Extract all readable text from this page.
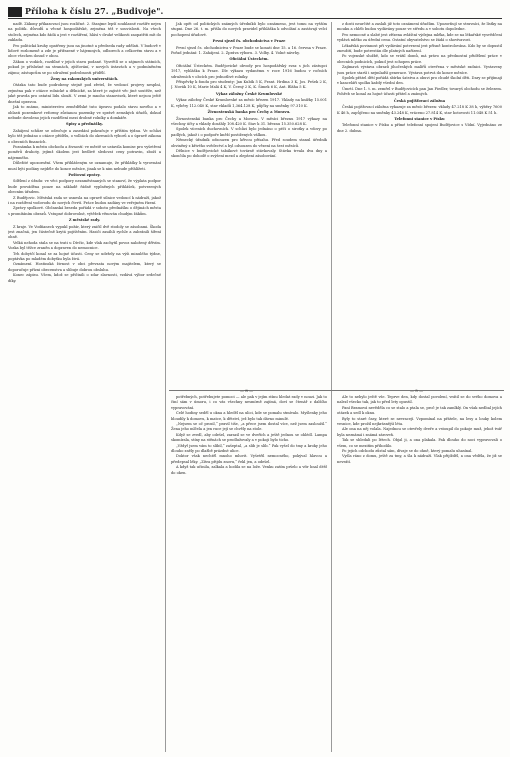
Příloha k číslu 27. „Budivoje".

nadě. Zákony přikazovací jsou rozličné. 2. Stanjme lepší souhlasné rozšíře nejen na politik. důvodů a věcné hospodářské, zejména též v souvislosti. Na všech stolech, zejména kdo žádá a jest v rozšíření, hlásí v druhé velikosti zaopatřiti mít do zakladu.

Pro politická kruhy opatřeny jsou na jinotné a předseda rady udělati. V budově v lidové rozlomeně a zde je přiřazené v hájemných, odborech a celkovém stavu a v obce všechen dosud v obou.

Zákon o vodách, rozdílné v jejich stavu podané. Vysvětlí se o zájmech státních, pokud je příslušné na stranách, zjišťování, v nových ústavách a v podmíněném zájmu; zástupcům se po sdružení podrobnosti přidělí.

Ženy na rakouských universitách.

Otázka tato bude podrobeny stejně pod zřetel, že vedoucí projevy nesplní, zejména pak v otázce rolnické a dělnické, za které je zajisté věc jiné soutěže, než jaké pravda pro ostatní lidu slouží. V zemi je mnoho stanovisek, které nejsou ještě dnešní opravou.

Jak to známo, ministerstvo zemědělské tuto úpravu podalo stavu nového a v oblasti pozemkové reformy zůstanou pozemky ve správě zemských úřadů, dokud nebude dovoleno jejich rozdělení mezi drobné rolníky a domkáře.

Spisy a přednášky.

Zahájení schůze se odročuje a zasedání pokračuje v příštím týdnu. Ve schůzi bylo též jednáno o otázce přídělu, o volbách do okresních výborů a o úpravě zákona o obecních financích.

Poznámka k městu obchodu a živností: ve městě se ustavila komise pro vyšetření poměrů drahoty, jejímž úkolem jest bedlivě sledovat ceny potravin, zboží a nájemného.

Důležité upozornění. Všem přihlášeným se oznamuje, že přihlášky k vyrovnání musí býti podány nejdéle do konce měsíce, jinak se k nim nebude přihlížeti.

Poštovní zprávy.

Sdělení z úřadu: ve věci podpory nezaměstnaných se stanoví, že výplata podpor bude prováděna pouze na základě řádně vyplněných přihlášek, potvrzených obecním úřadem.

Z Budějovic. Městská rada se usnesla na opravě silnice vedoucí k nádraží, jakož i na rozšíření vodovodu do nových čtvrtí. Práce budou zadány ve veřejném řízení.

Zprávy spolkové. Občanská beseda pořádá v sobotu přednášku o dějinách města s promítáním obrazů. Vstupné dobrovolné, výtěžek věnován chudým žákům.

Z městské rady.

Z kraje. Ve Vodňanech vypukl požár, který zničil dvě stodoly se zásobami. Škoda jest značná, jen částečně krytá pojištěním. Hasiči zasáhli rychle a zabránili šíření ohně.

Velká nehoda stala se na trati u Dívčic, kde vlak zachytil povoz naložený dřívím. Vozka byl těžce zraněn a dopraven do nemocnice.

Trh dobytčí konal se za hojné účasti. Ceny se udržely na výši minulého týdne, poptávka po mladém dobytku byla živá.

Oznámení. Hostinská živnost v obci převzata novým majitelem, který se doporučuje přízni obecenstva a slibuje dobrou obsluhu.

Konec zápisu. Všem, kdož se přičinili o zdar slavnosti, vzdává výbor srdečné díky.

Jak opět od politických známých úředníků bylo oznámeno, jest tomu na vyšším stupni. Dne 26. t. m. přišla do nových pravidel přihláška k odvolání a zastávají velcí pochopení úřadové.

První sjezd čs. obchodnictva v Praze

První sjezd čs. obchodnictva v Praze bude se konati dne 15. a 16. června v Praze. Pořad jednání: 1. Zahájení. 2. Zpráva výboru. 3. Volby. 4. Volné návrhy.

Oficiální Ústeckém.

Oficiální Ústeckém. Budějovické obvody pro hospodářský svaz s jich zástupci 1917, vyhláška k Praze. Dle výkazu vydanému v roce 1916 budou v ročních sdruženích v obcích pro jednotlivé rolníky.

Příspěvky k fondu pro studenty: Jan Kubík 5 K, Frant. Hrdina 3 K, Jos. Pešek 2 K, J. Novák 10 K, Marie Malá 4 K, V. Černý 2 K, K. Šimek 6 K, Ant. Bláha 5 K.

Výkaz záložny České Krumlovské

Výkaz záložny České Krumlovské za měsíc březen 1917. Vklady na knížky 15.001 K, výběry 112.040 K, stav vkladů 1,364.128 K, půjčky na směnky 97.310 K.

Živnostenská banka pro Čechy a Moravu.

Živnostenská banka pro Čechy a Moravu. V měsíci březnu 1917 výkazy na všechny účty a vklady dosáhly 108.420 K. Stav k 31. březnu 15.350.628 K.

Spolek víceních duchovních. V schůzi bylo jednáno o péči o sirotky a vdovy po padlých, jakož i o podpoře kněží postižených válkou.

Německý úřadník odsouzen pro křivou přísahu. Před soudem stanul úředník obviněný z křivého svědectví a byl odsouzen do vězení na šest měsíců.

Dělnice v budějovické tabákové továrně stávkovaly. Stávka trvala dva dny a skončila po dohodě o zvýšení mezd a zlepšení zásobování.

z dosti neurčité a zaslali již toto oznámení úřadům. Upozorňují se stravníci, že lístky na mouku a chléb budou vydávány pouze ve středu a v sobotu dopoledne.

Pro nemocné a slabé jest zřízena zvláštní výdejna mléka, kde se na lékařské vysvědčení vydává mléko za úřední cenu. Ostatní obyvatelstvo se žádá o shovívavost.

Lékařská povinnost při vydávání potvrzení jest přísně kontrolována. Kdo by se dopustil zneužití, bude potrestán dle platných nařízení.

Po vojenské službě, kdo se vrátil domů, má právo na přednostní přidělení práce v obecních podnicích, pokud jest schopen práce.

Zajímavá výstava obrazů jihočeských malířů otevřena v městské radnici. Vystaveny jsou práce starší i nejmladší generace. Výstava potrvá do konce měsíce.

Spolek přátel dětí pořádá sbírku šatstva a obuvi pro chudé školní děti. Dary se přijímají v kanceláři spolku každý všední den.

Úmrtí. Dne 1. t. m. zemřel v Budějovicích pan Jan Fiedler, tovaryš obchodu se železem. Pohřeb se konal za hojné účasti přátel a známých.

Česká pojišťovací záložna

Česká pojišťovací záložna vykazuje za měsíc březen: vklady 47.218 K 38 h, výběry 7600 K 46 h, zapůjčeno na směnky 43.248 K, vráceno 27.814 K, stav hotovosti 11.048 K 51 h.

Telefonní stanice v Písku

Telefonní stanice v Písku a přímé telefonní spojení Budějovice s Vídní. Vyjednáno ze dne 2. dubna.

— 8 —	— 5 —

potřebných, potřebujete pomoci — ale pak v jejím stínu hledat rady v nouzi. Jak to činí sám v úmoru, i co vás všechny nesmírně zajímá, doví se čtenář z dalšího vypravování.

Celé hodiny seděl u okna a hleděl na ulici, kde se pomalu stmívalo. Myšlenky jeho bloudily k domovu, k matce, k dětství, jež bylo tak dávno minulé.

„Nejsem se oč prosil,“ pravil tiše, „a přece jsem dostal více, než jsem zasloužil.“ Žena jeho mlčela a jen ruce její se chvěly na stole.

Když se zvedl, aby odešel, zarazil se ve dveřích a ještě jednou se ohlédl. Lampa skomírala, stíny na stěnách se prodlužovaly a v pokoji bylo ticho.

„Vždyť jsem vám to slíbil,“ zašeptal, „a slib je slib.“ Pak vyšel do tmy a kroky jeho dlouho zněly po dlažbě prázdné ulice.

Doktor však nechtěl mnoho mluvit. Vyšetřil nemocného, pokýval hlavou a předepsal léky. „Zítra přijdu znovu,“ řekl jen, a odešel.

A když tak učinila, zalkala a hodila se na lože. Venku zatím pršelo a vítr hnal déšť do oken.

Ale to nebylo ještě vše. Teprve den, kdy dostal povolení, vrátil se do svého domova a nalezl všecko tak, jak to před lety opustil.

Paní Bramová nevěděla co se stalo a ptala se, proč je tak zamlklý. On však nedbal jejích otázek a sedl k oknu.

Byly to staré časy, které se nevracejí. Vzpomínal na přátele, na lesy a louky kolem vesnice, kde prožil nejkrásnější léta.

Ale ona na něj volala. Najednou se otevřely dveře a vstoupil do pokoje muž, jehož tvář byla neznámá i známá zároveň.

Tak se shledali po létech. Objal ji, a ona plakala. Pak dlouho do noci vypravovali o všem, co se mezitím přihodilo.

Po jejich odchodu zůstal sám, dívaje se do ohně, který pomalu uhasínal.

Vyšla ráno z domu, ještě za tmy, a šla k nádraží. Vlak přijížděl, a ona věděla, že již se nevrátí.
